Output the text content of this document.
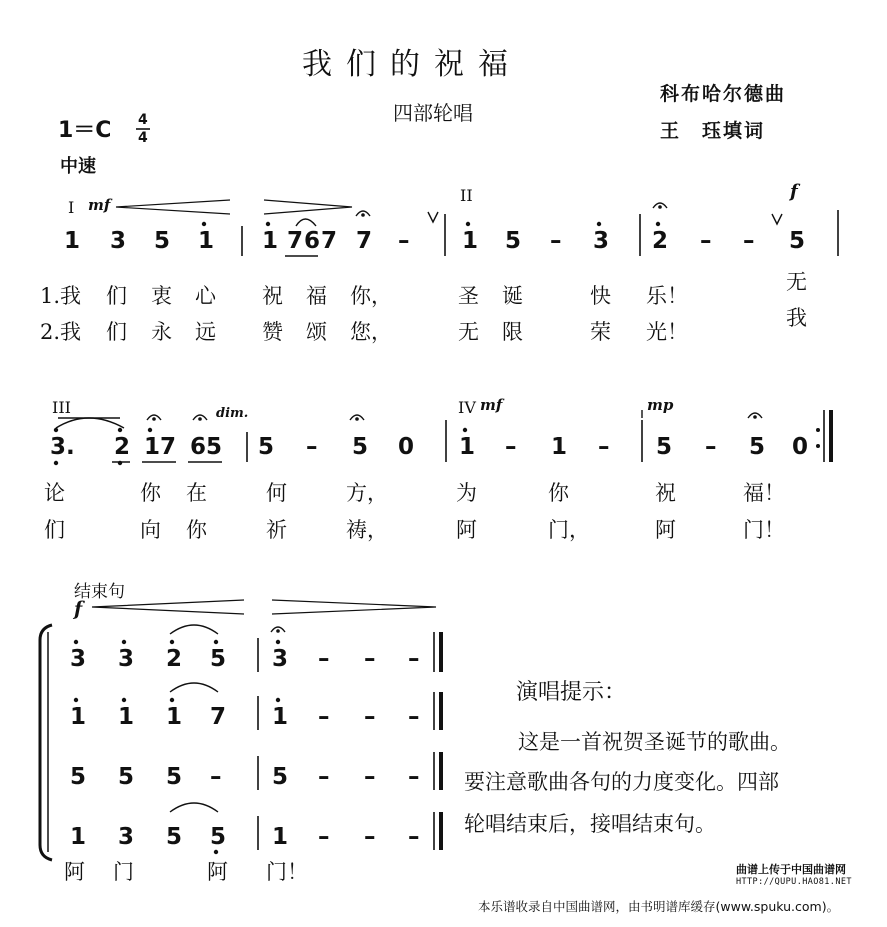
我们的祝福
四部轮唱
科布哈尔德曲
王　珏填词
1＝C 4
4
中速
I mf	II	f
1 3 5 1 1 7 6 7 7 – 1 5 – 3 2 – – 5
1.我 们 衷 心 祝 福 你，	圣 诞	快 乐！
无
2.我 们 永 远 赞 颂 您，	无 限	荣 光！
我
III	dim.	IV mf	mp
3. 2 1 7 6 5 5 – 5 0 1 – 1 – 5 – 5 0
论	你 在	何	方，	为	你	祝	福！
们	向 你	祈	祷，	阿	门，	阿	门！
结束句
f
3 3 2 5 3 – – –
1 1 1 7 1 – – –
5 5 5 – 5 – – –
1 3 5 5 1 – – –
阿 门	阿 门！
演唱提示：
这是一首祝贺圣诞节的歌曲。
要注意歌曲各句的力度变化。四部
轮唱结束后，接唱结束句。
曲谱上传于中国曲谱网
HTTP://QUPU.HAO81.NET
本乐谱收录自中国曲谱网，由书明谱库缓存(www.spuku.com)。
